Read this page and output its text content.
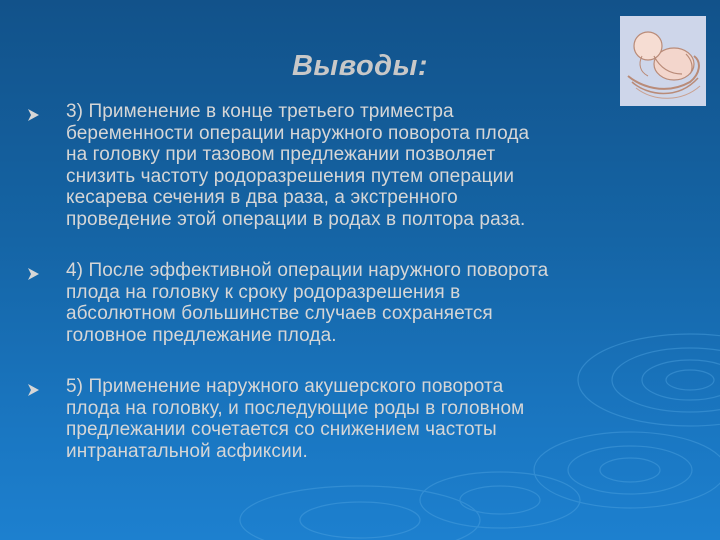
Выводы:
3) Применение в конце третьего триместра
беременности операции наружного поворота плода
на головку при тазовом предлежании позволяет
снизить частоту родоразрешения путем операции
кесарева сечения в два раза, а экстренного
проведение этой операции в родах в полтора раза.
4) После эффективной операции наружного поворота
плода на головку к сроку родоразрешения в
абсолютном большинстве случаев сохраняется
головное предлежание плода.
5) Применение наружного акушерского поворота
плода на головку, и последующие роды в головном
предлежании сочетается со снижением частоты
интранатальной асфиксии.
